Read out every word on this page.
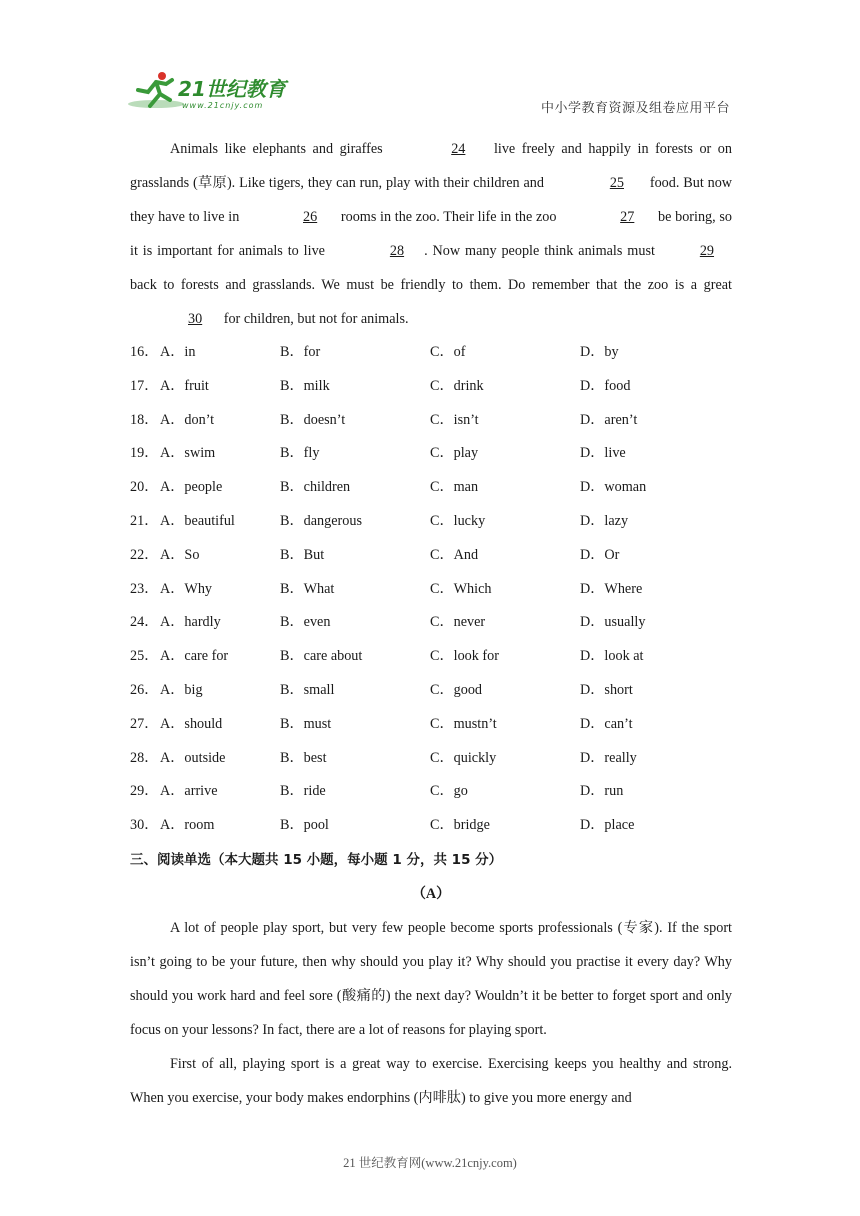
21世纪教育
www.21cnjy.com	中小学教育资源及组卷应用平台

Animals like elephants and giraffes	24 live freely and happily in forests or on grasslands (草原). Like tigers, they can run, play with their children and	25 food. But now they have to live in	26 rooms in the zoo. Their life in the zoo	27 be boring, so it is important for animals to live	28 . Now many people think animals must	29 back to forests and grasslands. We must be friendly to them. Do remember that the zoo is a great 30 for children, but not for animals.

16． A．in	B．for	C．of	D．by
17． A．fruit	B．milk	C．drink	D．food
18． A．don’t	B．doesn’t	C．isn’t	D．aren’t
19． A．swim	B．fly	C．play	D．live
20． A．people	B．children	C．man	D．woman
21． A．beautiful	B．dangerous	C．lucky	D．lazy
22． A．So	B．But	C．And	D．Or
23． A．Why	B．What	C．Which	D．Where
24． A．hardly	B．even	C．never	D．usually
25． A．care for	B．care about	C．look for	D．look at
26． A．big	B．small	C．good	D．short
27． A．should	B．must	C．mustn’t	D．can’t
28． A．outside	B．best	C．quickly	D．really
29． A．arrive	B．ride	C．go	D．run
30． A．room	B．pool	C．bridge	D．place

三、阅读单选（本大题共 15 小题，每小题 1 分，共 15 分）

（A）

A lot of people play sport, but very few people become sports professionals (专家). If the sport isn’t going to be your future, then why should you play it? Why should you practise it every day? Why should you work hard and feel sore (酸痛的) the next day? Wouldn’t it be better to forget sport and only focus on your lessons? In fact, there are a lot of reasons for playing sport.

First of all, playing sport is a great way to exercise. Exercising keeps you healthy and strong. When you exercise, your body makes endorphins (内啡肽) to give you more energy and

21 世纪教育网(www.21cnjy.com)
